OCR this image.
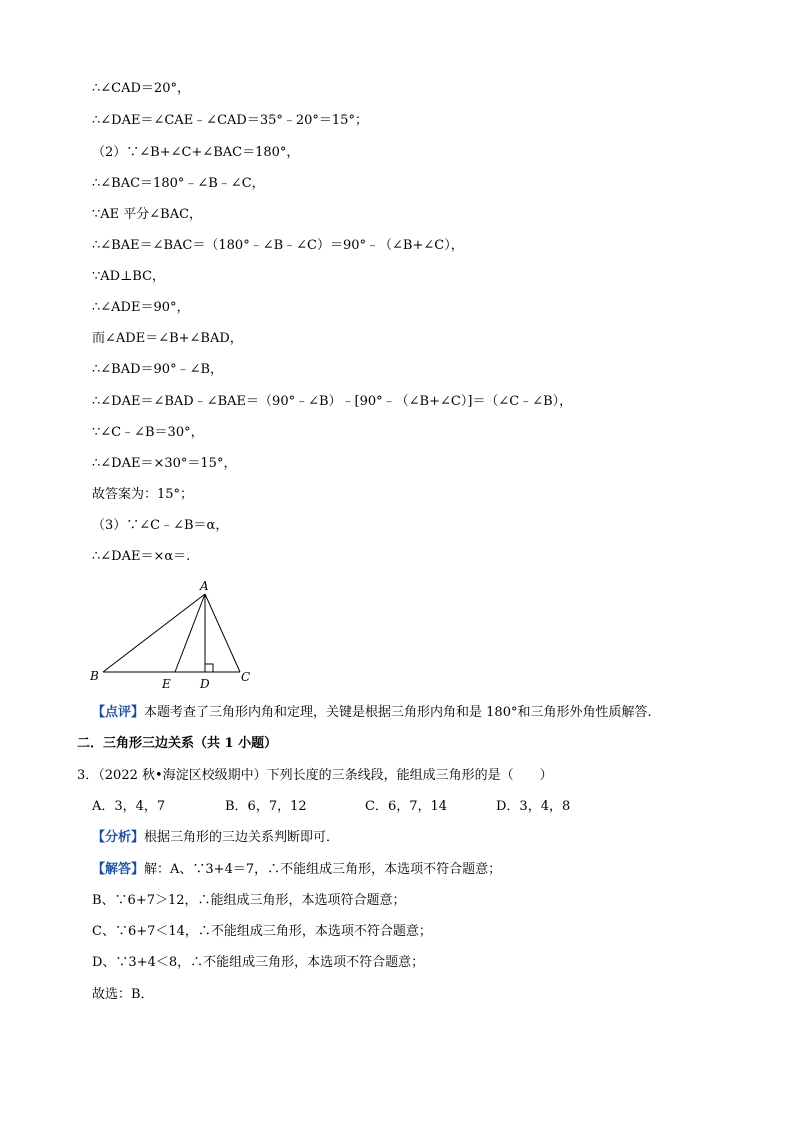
∴∠CAD＝20°，
∴∠DAE＝∠CAE﹣∠CAD＝35°﹣20°＝15°；
（2）∵∠B+∠C+∠BAC＝180°，
∴∠BAC＝180°﹣∠B﹣∠C，
∵AE 平分∠BAC，
∴∠BAE＝∠BAC＝（180°﹣∠B﹣∠C）＝90°﹣（∠B+∠C），
∵AD⊥BC，
∴∠ADE＝90°，
而∠ADE＝∠B+∠BAD，
∴∠BAD＝90°﹣∠B，
∴∠DAE＝∠BAD﹣∠BAE＝（90°﹣∠B）﹣[90°﹣（∠B+∠C）]＝（∠C﹣∠B），
∵∠C﹣∠B＝30°，
∴∠DAE＝×30°＝15°，
故答案为：15°；
（3）∵∠C﹣∠B＝α，
∴∠DAE＝×α＝.
A
B	C
E D
【点评】本题考查了三角形内角和定理，关键是根据三角形内角和是 180°和三角形外角性质解答.
二．三角形三边关系（共 1 小题）
3．（2022 秋•海淀区校级期中）下列长度的三条线段，能组成三角形的是（　　）
A．3，4，7	B．6，7，12	C．6，7，14	D．3，4，8
【分析】根据三角形的三边关系判断即可．
【解答】解：A、∵3+4＝7，∴不能组成三角形，本选项不符合题意；
B、∵6+7＞12，∴能组成三角形，本选项符合题意；
C、∵6+7＜14，∴不能组成三角形，本选项不符合题意；
D、∵3+4＜8，∴不能组成三角形，本选项不符合题意；
故选：B．
